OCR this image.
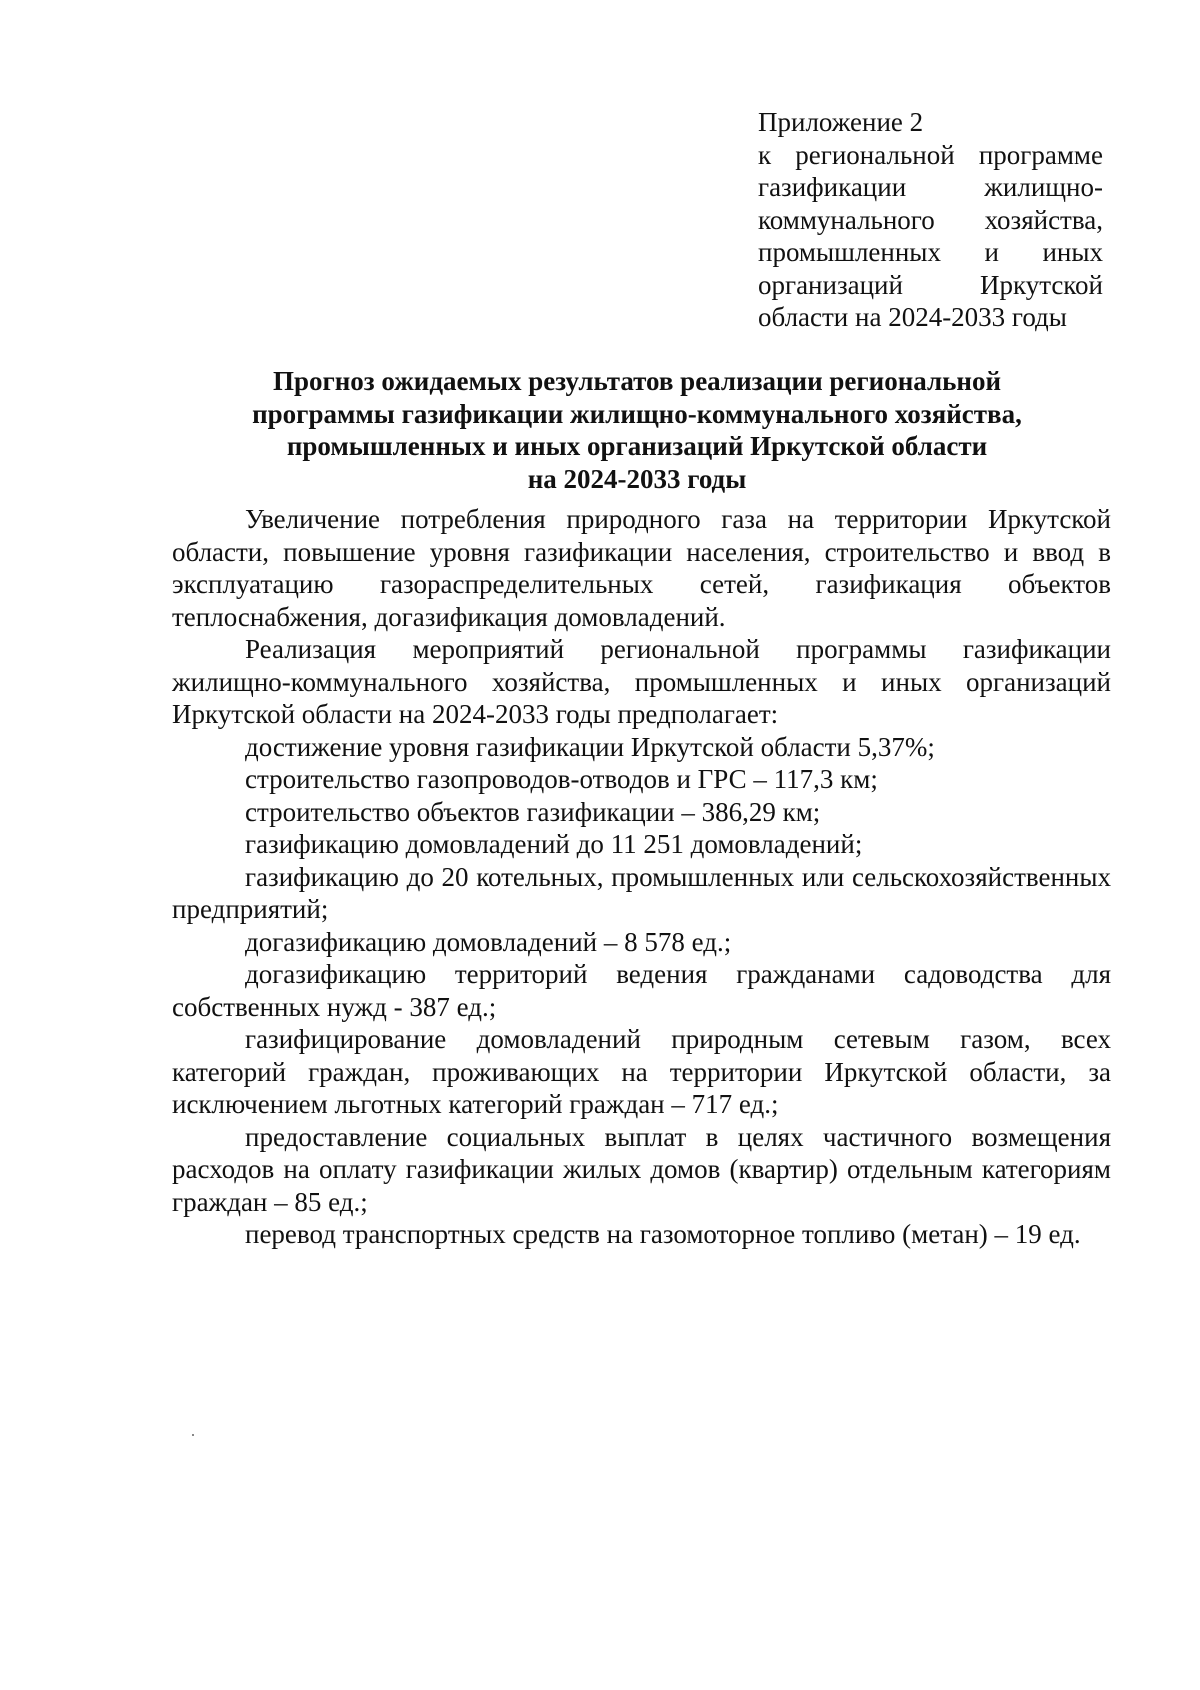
Приложение 2
к региональной программе газификации жилищно-коммунального хозяйства, промышленных и иных организаций Иркутской области на 2024-2033 годы
Прогноз ожидаемых результатов реализации региональной
программы газификации жилищно-коммунального хозяйства,
промышленных и иных организаций Иркутской области
на 2024-2033 годы

Увеличение потребления природного газа на территории Иркутской области, повышение уровня газификации населения, строительство и ввод в эксплуатацию газораспределительных сетей, газификация объектов теплоснабжения, догазификация домовладений.

Реализация мероприятий региональной программы газификации жилищно-коммунального хозяйства, промышленных и иных организаций Иркутской области на 2024-2033 годы предполагает:

достижение уровня газификации Иркутской области 5,37%;

строительство газопроводов-отводов и ГРС – 117,3 км;

строительство объектов газификации – 386,29 км;

газификацию домовладений до 11 251 домовладений;

газификацию до 20 котельных, промышленных или сельскохозяйственных предприятий;

догазификацию домовладений – 8 578 ед.;

догазификацию территорий ведения гражданами садоводства для собственных нужд - 387 ед.;

газифицирование домовладений природным сетевым газом, всех категорий граждан, проживающих на территории Иркутской области, за исключением льготных категорий граждан – 717 ед.;

предоставление социальных выплат в целях частичного возмещения расходов на оплату газификации жилых домов (квартир) отдельным категориям граждан – 85 ед.;

перевод транспортных средств на газомоторное топливо (метан) – 19 ед.
